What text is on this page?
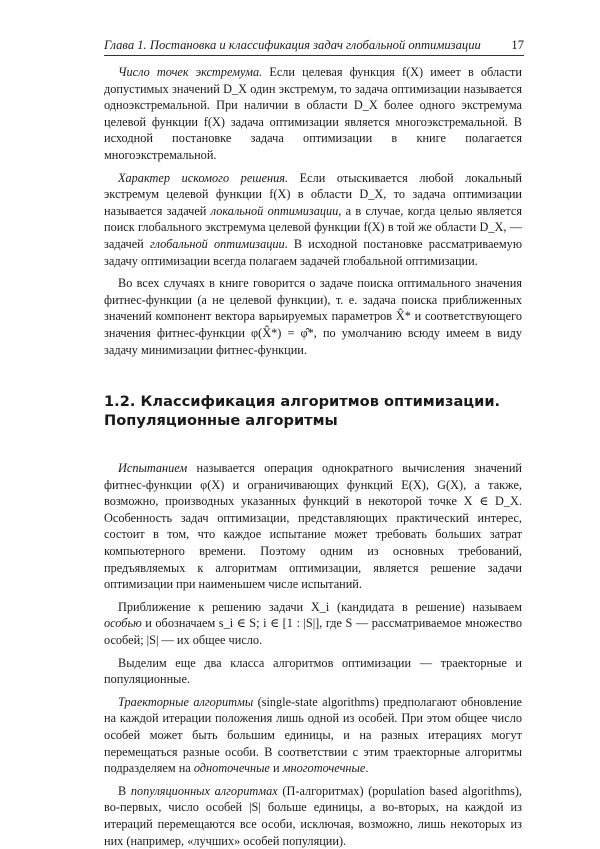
Глава 1. Постановка и классификация задач глобальной оптимизации 17

Число точек экстремума. Если целевая функция f(X) имеет в области допустимых значений D_X один экстремум, то задача оптимизации называется одноэкстремальной. При наличии в области D_X более одного экстремума целевой функции f(X) задача оптимизации является многоэкстремальной. В исходной постановке задача оптимизации в книге полагается многоэкстремальной.

Характер искомого решения. Если отыскивается любой локальный экстремум целевой функции f(X) в области D_X, то задача оптимизации называется задачей локальной оптимизации, а в случае, когда целью является поиск глобального экстремума целевой функции f(X) в той же области D_X, — задачей глобальной оптимизации. В исходной постановке рассматриваемую задачу оптимизации всегда полагаем задачей глобальной оптимизации.

Во всех случаях в книге говорится о задаче поиска оптимального значения фитнес-функции (а не целевой функции), т. е. задача поиска приближенных значений компонент вектора варьируемых параметров X̂* и соответствующего значения фитнес-функции φ(X̂*) = φ̂*, по умолчанию всюду имеем в виду задачу минимизации фитнес-функции.

1.2. Классификация алгоритмов оптимизации.
Популяционные алгоритмы

Испытанием называется операция однократного вычисления значений фитнес-функции φ(X) и ограничивающих функций E(X), G(X), а также, возможно, производных указанных функций в некоторой точке X ∈ D_X. Особенность задач оптимизации, представляющих практический интерес, состоит в том, что каждое испытание может требовать больших затрат компьютерного времени. Поэтому одним из основных требований, предъявляемых к алгоритмам оптимизации, является решение задачи оптимизации при наименьшем числе испытаний.

Приближение к решению задачи X_i (кандидата в решение) называем особью и обозначаем s_i ∈ S; i ∈ [1 : |S|], где S — рассматриваемое множество особей; |S| — их общее число.

Выделим еще два класса алгоритмов оптимизации — траекторные и популяционные.

Траекторные алгоритмы (single-state algorithms) предполагают обновление на каждой итерации положения лишь одной из особей. При этом общее число особей может быть большим единицы, и на разных итерациях могут перемещаться разные особи. В соответствии с этим траекторные алгоритмы подразделяем на одноточечные и многоточечные.

В популяционных алгоритмах (П-алгоритмах) (population based algorithms), во-первых, число особей |S| больше единицы, а во-вторых, на каждой из итераций перемещаются все особи, исключая, возможно, лишь некоторых из них (например, «лучших» особей популяции).
